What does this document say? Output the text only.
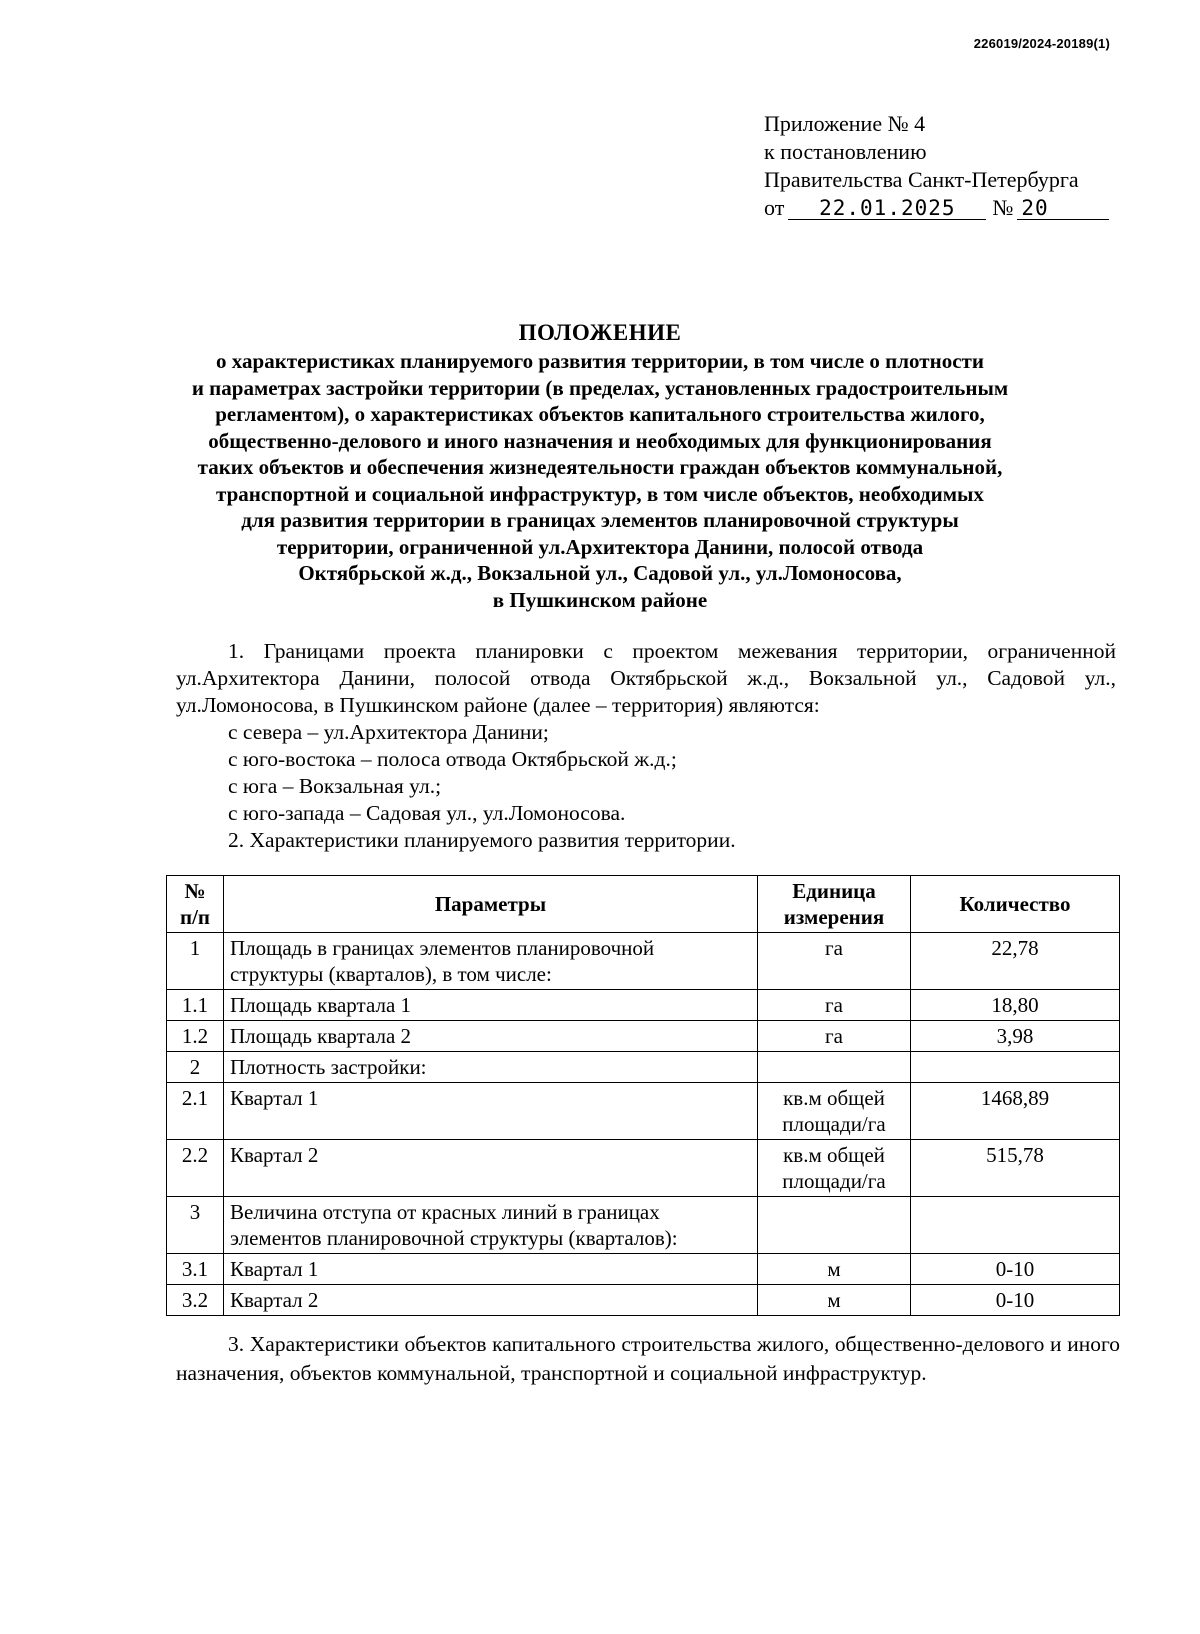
226019/2024-20189(1)
Приложение № 4
к постановлению
Правительства Санкт-Петербурга
от 22.01.2025 № 20
ПОЛОЖЕНИЕ
о характеристиках планируемого развития территории, в том числе о плотности
и параметрах застройки территории (в пределах, установленных градостроительным
регламентом), о характеристиках объектов капитального строительства жилого,
общественно-делового и иного назначения и необходимых для функционирования
таких объектов и обеспечения жизнедеятельности граждан объектов коммунальной,
транспортной и социальной инфраструктур, в том числе объектов, необходимых
для развития территории в границах элементов планировочной структуры
территории, ограниченной ул.Архитектора Данини, полосой отвода
Октябрьской ж.д., Вокзальной ул., Садовой ул., ул.Ломоносова,
в Пушкинском районе

1. Границами проекта планировки с проектом межевания территории, ограниченной ул.Архитектора Данини, полосой отвода Октябрьской ж.д., Вокзальной ул., Садовой ул., ул.Ломоносова, в Пушкинском районе (далее – территория) являются:

с севера – ул.Архитектора Данини;

с юго-востока – полоса отвода Октябрьской ж.д.;

с юга – Вокзальная ул.;

с юго-запада – Садовая ул., ул.Ломоносова.

2. Характеристики планируемого развития территории.

№ п/п	Параметры	Единица измерения	Количество
1	Площадь в границах элементов планировочной структуры (кварталов), в том числе:	га	22,78
1.1	Площадь квартала 1	га	18,80
1.2	Площадь квартала 2	га	3,98
2	Плотность застройки:		
2.1	Квартал 1	кв.м общей площади/га	1468,89
2.2	Квартал 2	кв.м общей площади/га	515,78
3	Величина отступа от красных линий в границах элементов планировочной структуры (кварталов):		
3.1	Квартал 1	м	0-10
3.2	Квартал 2	м	0-10

3. Характеристики объектов капитального строительства жилого, общественно-делового и иного назначения, объектов коммунальной, транспортной и социальной инфраструктур.
